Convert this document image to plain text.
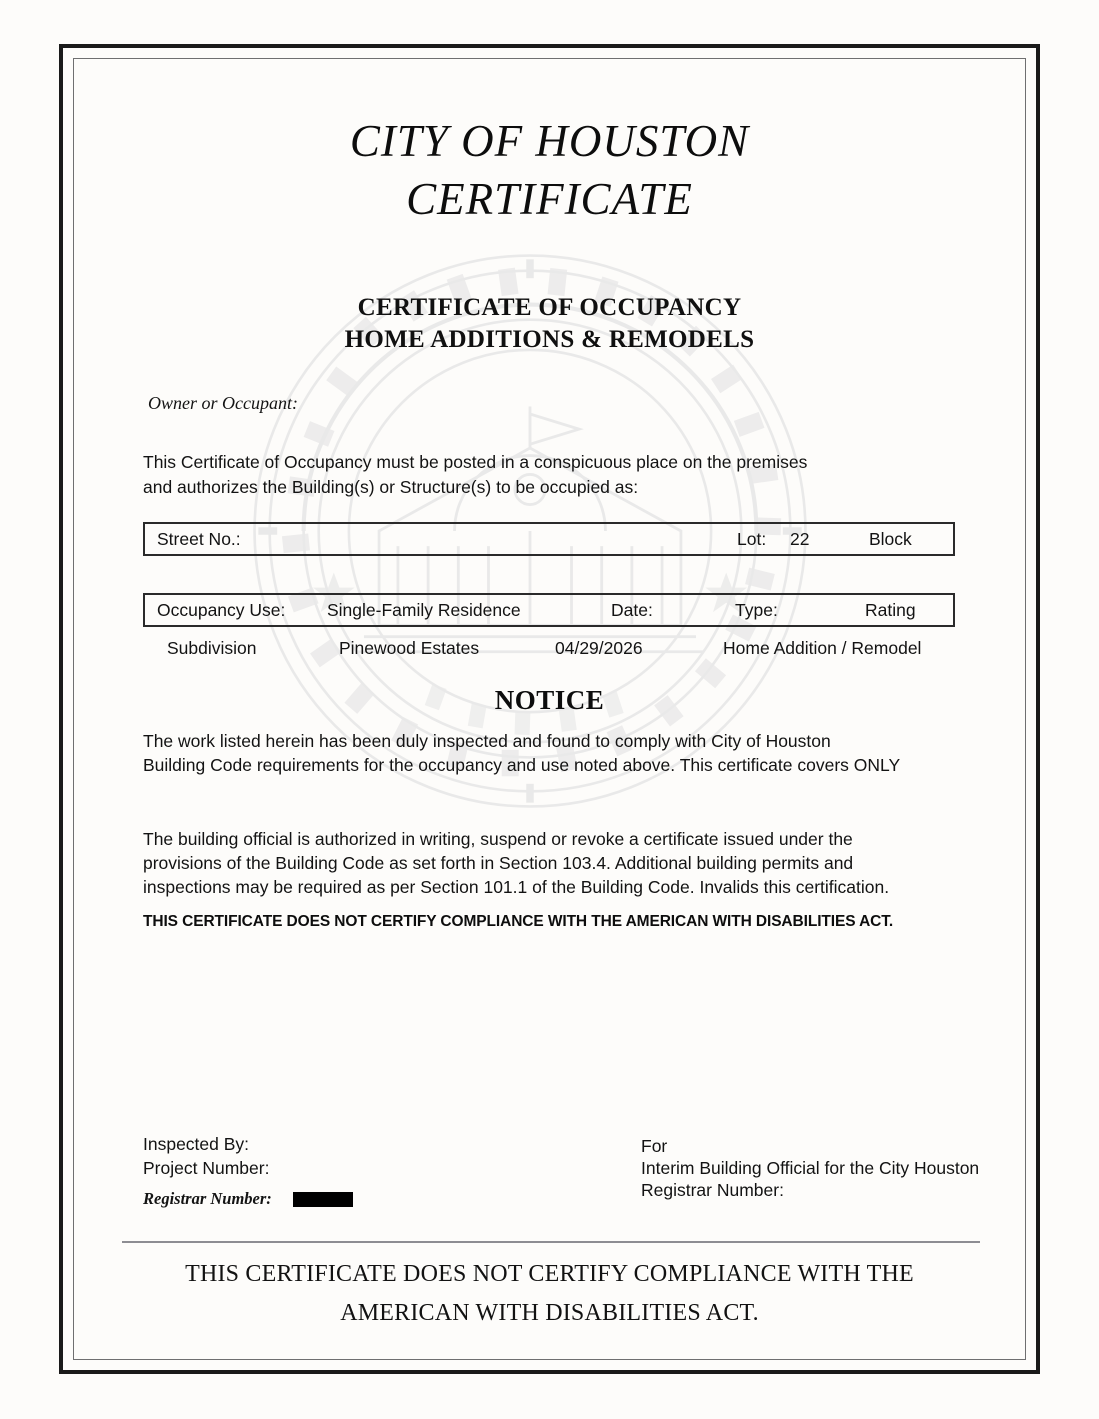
CITY OF HOUSTON
CERTIFICATE
CERTIFICATE OF OCCUPANCY
HOME ADDITIONS & REMODELS
Owner or Occupant:
This Certificate of Occupancy must be posted in a conspicuous place on the premises
and authorizes the Building(s) or Structure(s) to be occupied as:
Street No.:	Lot: 22	Block
Occupancy Use: Single-Family Residence	Date:	Type:	Rating
Subdivision	Pinewood Estates	04/29/2026	Home Addition / Remodel
NOTICE
The work listed herein has been duly inspected and found to comply with City of Houston
Building Code requirements for the occupancy and use noted above. This certificate covers ONLY
The building official is authorized in writing, suspend or revoke a certificate issued under the
provisions of the Building Code as set forth in Section 103.4. Additional building permits and
inspections may be required as per Section 101.1 of the Building Code. Invalids this certification.
THIS CERTIFICATE DOES NOT CERTIFY COMPLIANCE WITH THE AMERICAN WITH DISABILITIES ACT.
Inspected By:
Project Number:
Registrar Number:
For
Interim Building Official for the City Houston
Registrar Number:
THIS CERTIFICATE DOES NOT CERTIFY COMPLIANCE WITH THE
AMERICAN WITH DISABILITIES ACT.
